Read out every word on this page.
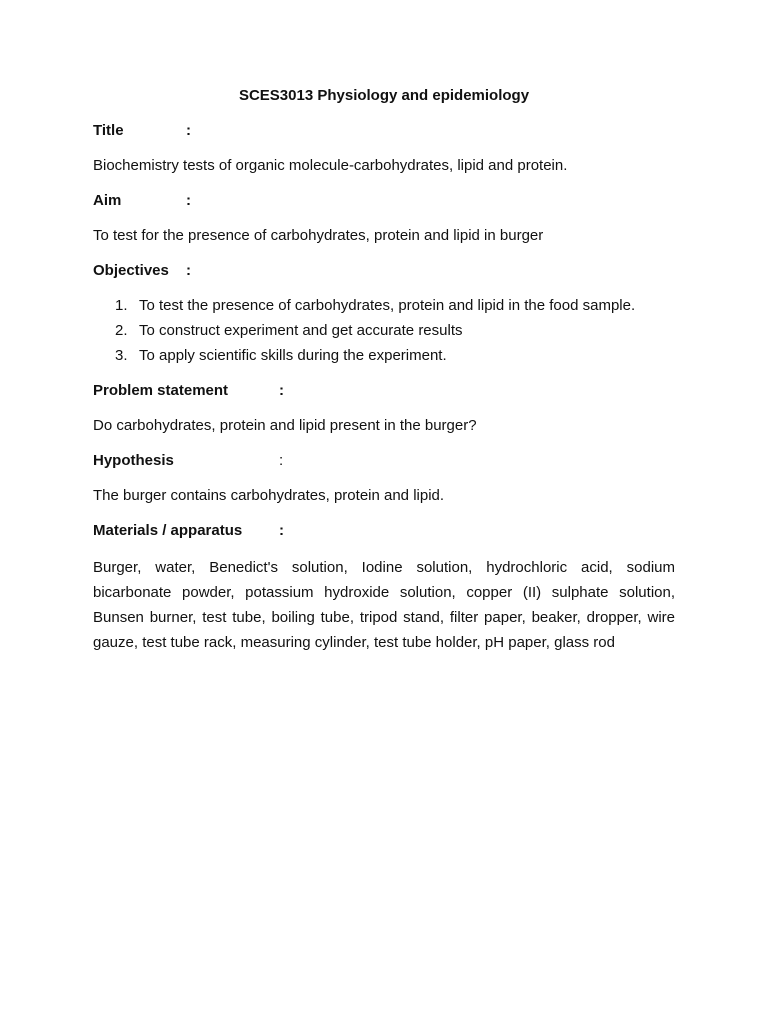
SCES3013 Physiology and epidemiology
Title	:
Biochemistry tests of organic molecule-carbohydrates, lipid and protein.
Aim	:
To test for the presence of carbohydrates, protein and lipid in burger
Objectives :
1. To test the presence of carbohydrates, protein and lipid in the food sample.
2. To construct experiment and get accurate results
3. To apply scientific skills during the experiment.
Problem statement	:
Do carbohydrates, protein and lipid present in the burger?
Hypothesis	:
The burger contains carbohydrates, protein and lipid.
Materials / apparatus :
Burger, water, Benedict's solution, Iodine solution, hydrochloric acid, sodium bicarbonate powder, potassium hydroxide solution, copper (II) sulphate solution, Bunsen burner, test tube, boiling tube, tripod stand, filter paper, beaker, dropper, wire gauze, test tube rack, measuring cylinder, test tube holder, pH paper, glass rod
